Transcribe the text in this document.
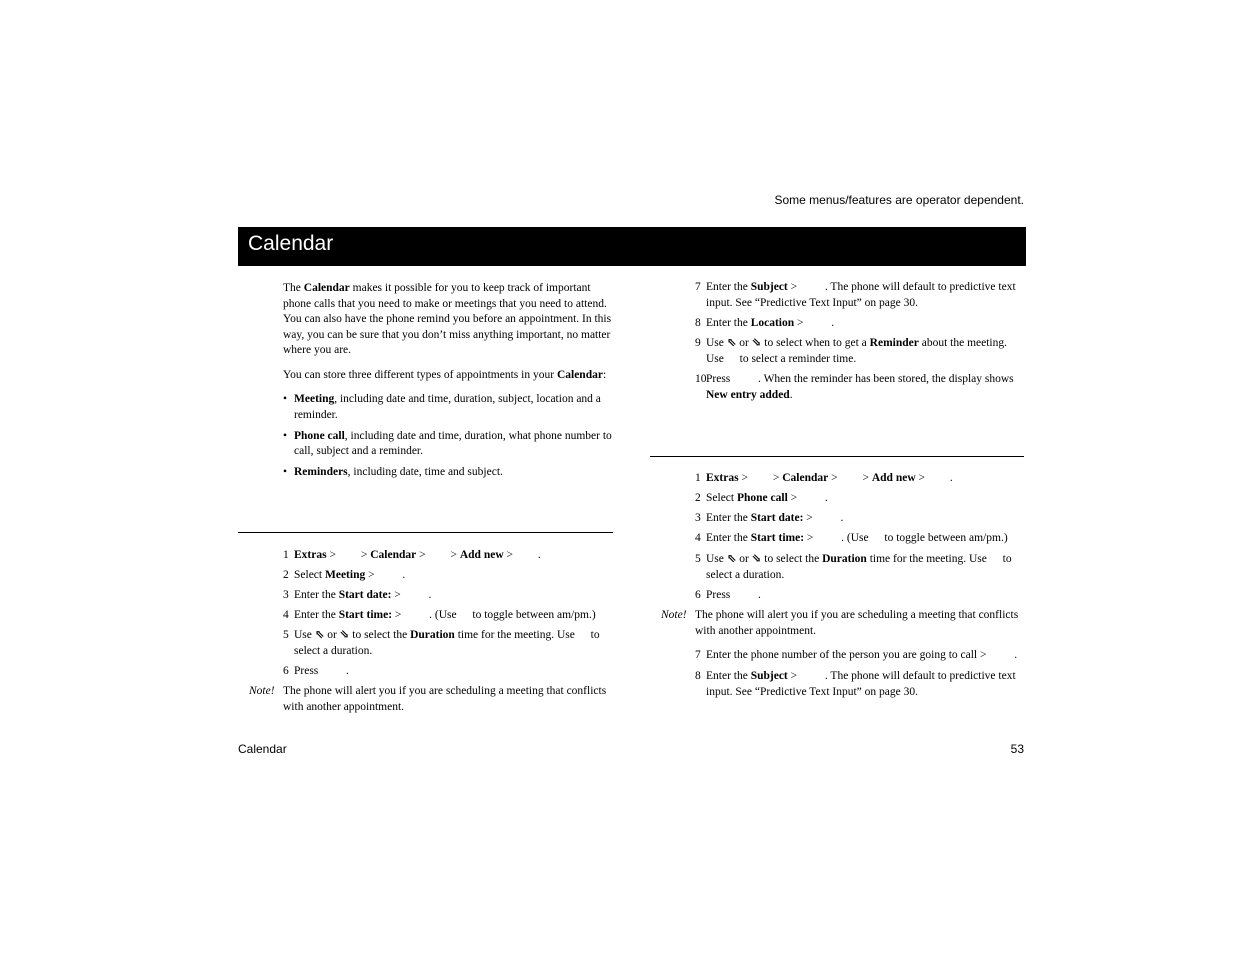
Some menus/features are operator dependent.
Calendar

The Calendar makes it possible for you to keep track of important phone calls that you need to make or meetings that you need to attend. You can also have the phone remind you before an appointment. In this way, you can be sure that you don’t miss anything important, no matter where you are.

You can store three different types of appointments in your Calendar:

• Meeting, including date and time, duration, subject, location and a reminder.
• Phone call, including date and time, duration, what phone number to call, subject and a reminder.
• Reminders, including date, time and subject.
1 Extras > > Calendar > > Add new > .
2 Select Meeting >  .
3 Enter the Start date: >  .
4 Enter the Start time: >  . (Use  to toggle between am/pm.)
5 Use ⇖ or ⇘ to select the Duration time for the meeting. Use  to select a duration.
6 Press  .
Note! The phone will alert you if you are scheduling a meeting that conflicts with another appointment.
7 Enter the Subject >  . The phone will default to predictive text input. See “Predictive Text Input” on page 30.
8 Enter the Location >  .
9 Use ⇖ or ⇘ to select when to get a Reminder about the meeting. Use  to select a reminder time.
10 Press  . When the reminder has been stored, the display shows New entry added.
1 Extras > > Calendar > > Add new > .
2 Select Phone call >  .
3 Enter the Start date: >  .
4 Enter the Start time: >  . (Use  to toggle between am/pm.)
5 Use ⇖ or ⇘ to select the Duration time for the meeting. Use  to select a duration.
6 Press  .
Note! The phone will alert you if you are scheduling a meeting that conflicts with another appointment.
7 Enter the phone number of the person you are going to call >  .
8 Enter the Subject >  . The phone will default to predictive text input. See “Predictive Text Input” on page 30.
Calendar	53
